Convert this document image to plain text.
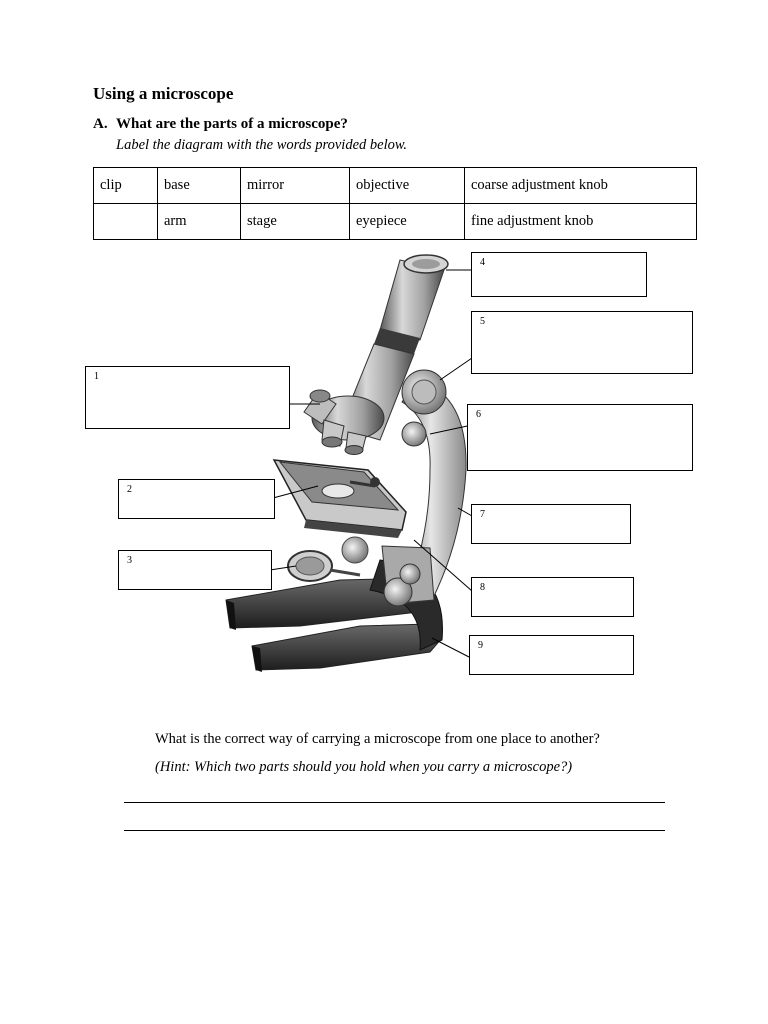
Using a microscope
A. What are the parts of a microscope?
Label the diagram with the words provided below.
clip	base	mirror	objective	coarse adjustment knob
	arm	stage	eyepiece	fine adjustment knob
1
2
3
4
5
6
7
8
9
What is the correct way of carrying a microscope from one place to another?
(Hint: Which two parts should you hold when you carry a microscope?)
